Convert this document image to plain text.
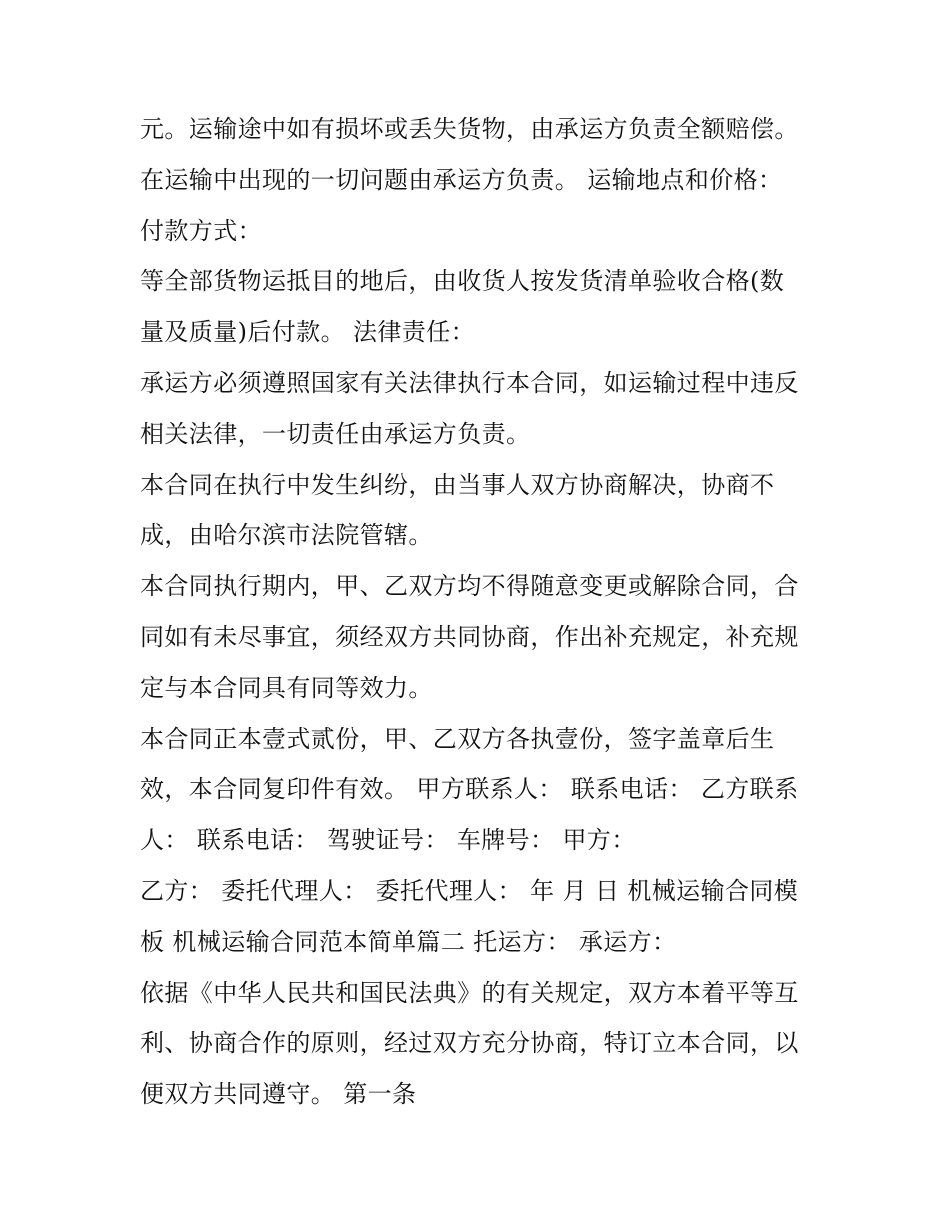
元。运输途中如有损坏或丢失货物，由承运方负责全额赔偿。
在运输中出现的一切问题由承运方负责。 运输地点和价格：
付款方式：
等全部货物运抵目的地后，由收货人按发货清单验收合格(数
量及质量)后付款。 法律责任：
承运方必须遵照国家有关法律执行本合同，如运输过程中违反
相关法律，一切责任由承运方负责。
本合同在执行中发生纠纷，由当事人双方协商解决，协商不
成，由哈尔滨市法院管辖。
本合同执行期内，甲、乙双方均不得随意变更或解除合同，合
同如有未尽事宜，须经双方共同协商，作出补充规定，补充规
定与本合同具有同等效力。
本合同正本壹式贰份，甲、乙双方各执壹份，签字盖章后生
效，本合同复印件有效。 甲方联系人： 联系电话： 乙方联系
人： 联系电话： 驾驶证号： 车牌号： 甲方：
乙方： 委托代理人： 委托代理人： 年 月 日 机械运输合同模
板 机械运输合同范本简单篇二 托运方： 承运方：
依据《中华人民共和国民法典》的有关规定，双方本着平等互
利、协商合作的原则，经过双方充分协商，特订立本合同，以
便双方共同遵守。 第一条
